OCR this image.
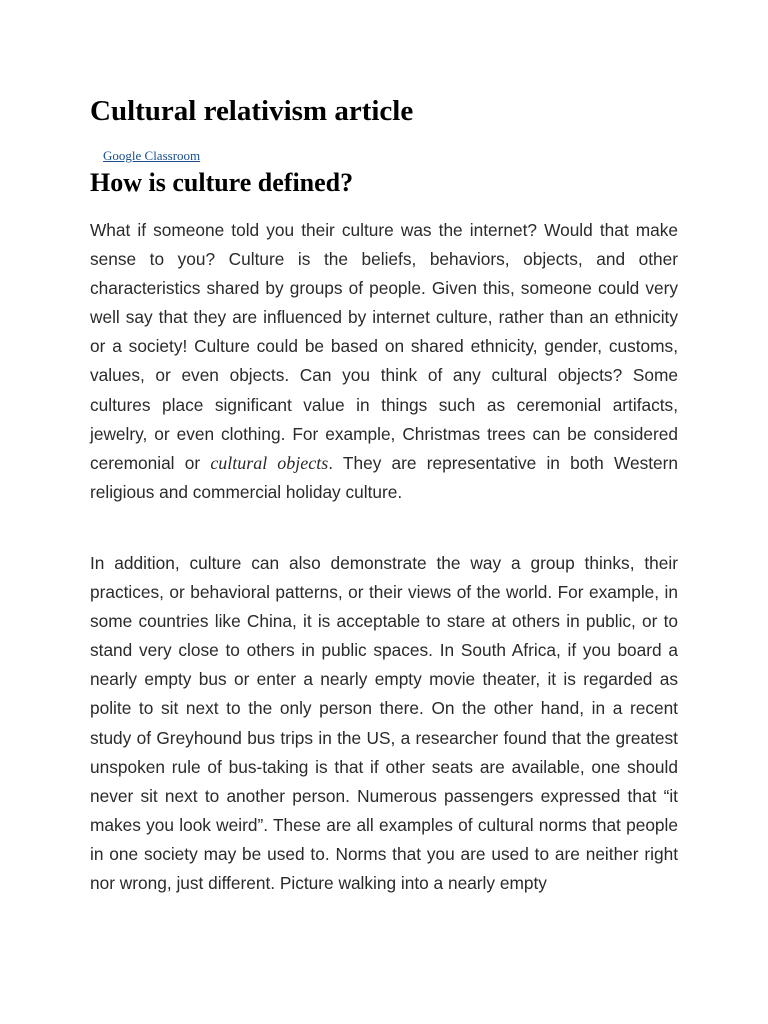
Cultural relativism article
Google Classroom
How is culture defined?

What if someone told you their culture was the internet? Would that make sense to you? Culture is the beliefs, behaviors, objects, and other characteristics shared by groups of people. Given this, someone could very well say that they are influenced by internet culture, rather than an ethnicity or a society! Culture could be based on shared ethnicity, gender, customs, values, or even objects. Can you think of any cultural objects? Some cultures place significant value in things such as ceremonial artifacts, jewelry, or even clothing. For example, Christmas trees can be considered ceremonial or cultural objects. They are representative in both Western religious and commercial holiday culture.

In addition, culture can also demonstrate the way a group thinks, their practices, or behavioral patterns, or their views of the world. For example, in some countries like China, it is acceptable to stare at others in public, or to stand very close to others in public spaces. In South Africa, if you board a nearly empty bus or enter a nearly empty movie theater, it is regarded as polite to sit next to the only person there. On the other hand, in a recent study of Greyhound bus trips in the US, a researcher found that the greatest unspoken rule of bus-taking is that if other seats are available, one should never sit next to another person. Numerous passengers expressed that “it makes you look weird”. These are all examples of cultural norms that people in one society may be used to. Norms that you are used to are neither right nor wrong, just different. Picture walking into a nearly empty
